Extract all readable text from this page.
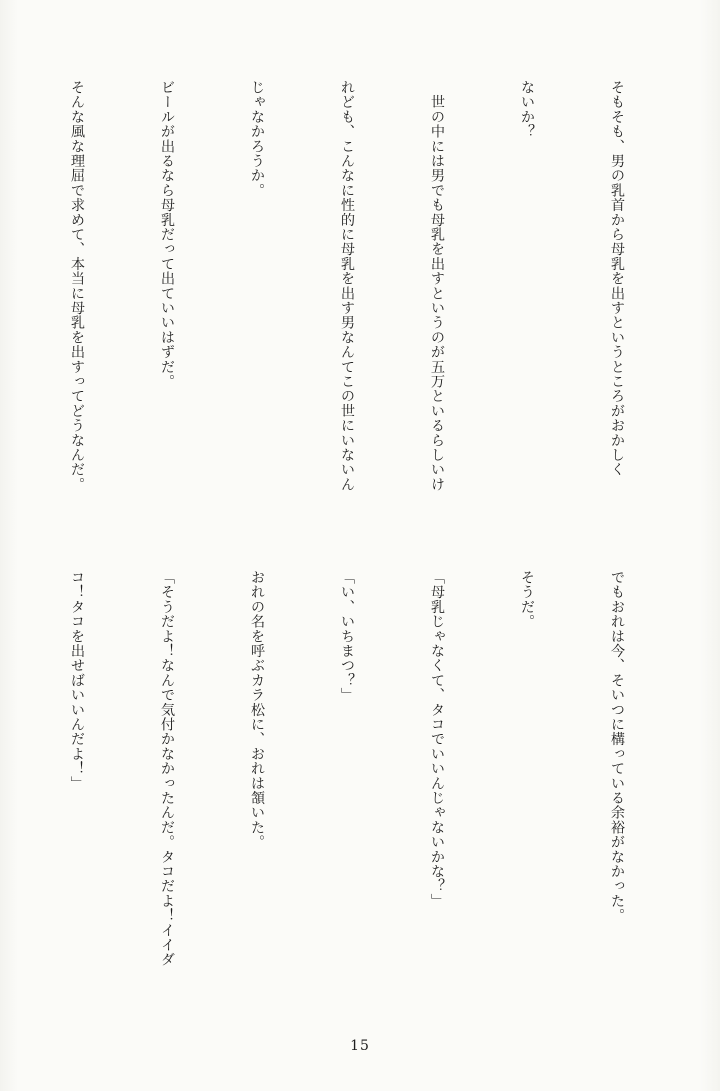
そもそも、男の乳首から母乳を出すというところがおかしく

ないか？

　世の中には男でも母乳を出すというのが五万といるらしいけ

れども、こんなに性的に母乳を出す男なんてこの世にいないん

じゃなかろうか。

ビールが出るなら母乳だって出ていいはずだ。

そんな風な理屈で求めて、本当に母乳を出すってどうなんだ。

でもおれは今、そいつに構っている余裕がなかった。

そうだ。

「母乳じゃなくて、タコでいいんじゃないかな？」

「い、いちまつ？」

おれの名を呼ぶカラ松に、おれは頷いた。

「そうだよ！なんで気付かなかったんだ。タコだよ！イイダ

コ！タコを出せばいいんだよ！」

15
